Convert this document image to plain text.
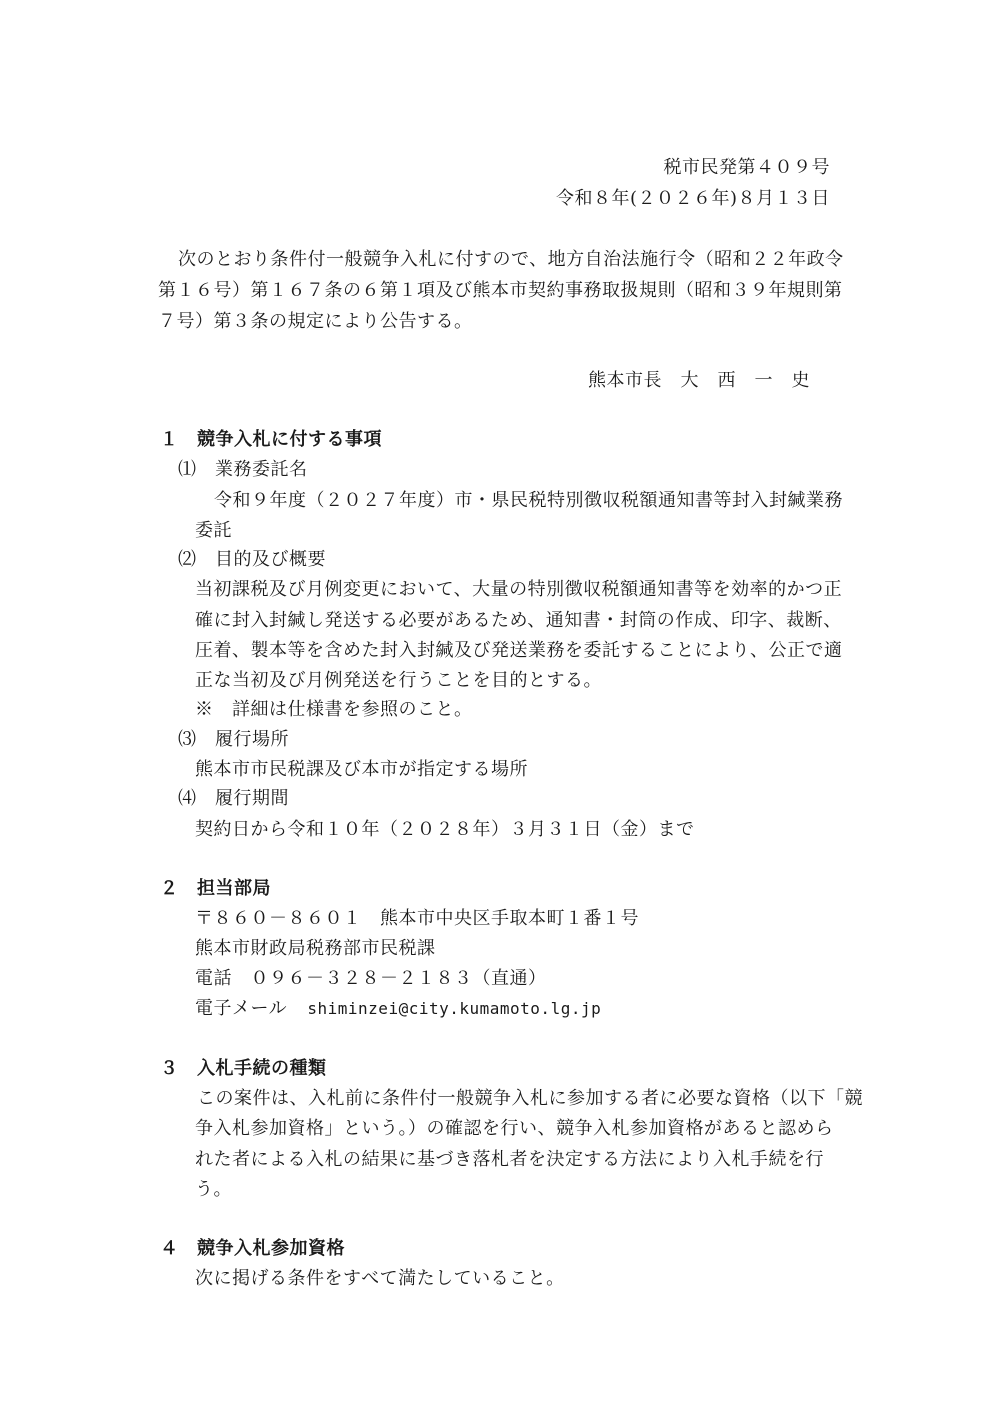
税市民発第４０９号
令和８年(２０２６年)８月１３日
次のとおり条件付一般競争入札に付すので、地方自治法施行令（昭和２２年政令
第１６号）第１６７条の６第１項及び熊本市契約事務取扱規則（昭和３９年規則第
７号）第３条の規定により公告する。
熊本市長　大　西　一　史
１　競争入札に付する事項
⑴　業務委託名
令和９年度（２０２７年度）市・県民税特別徴収税額通知書等封入封緘業務
委託
⑵　目的及び概要
当初課税及び月例変更において、大量の特別徴収税額通知書等を効率的かつ正
確に封入封緘し発送する必要があるため、通知書・封筒の作成、印字、裁断、
圧着、製本等を含めた封入封緘及び発送業務を委託することにより、公正で適
正な当初及び月例発送を行うことを目的とする。
※　詳細は仕様書を参照のこと。
⑶　履行場所
熊本市市民税課及び本市が指定する場所
⑷　履行期間
契約日から令和１０年（２０２８年）３月３１日（金）まで
２　担当部局
〒８６０－８６０１　熊本市中央区手取本町１番１号
熊本市財政局税務部市民税課
電話　０９６－３２８－２１８３（直通）
電子メール shiminzei@city.kumamoto.lg.jp
３　入札手続の種類
この案件は、入札前に条件付一般競争入札に参加する者に必要な資格（以下「競
争入札参加資格」という。）の確認を行い、競争入札参加資格があると認めら
れた者による入札の結果に基づき落札者を決定する方法により入札手続を行
う。
４　競争入札参加資格
次に掲げる条件をすべて満たしていること。
